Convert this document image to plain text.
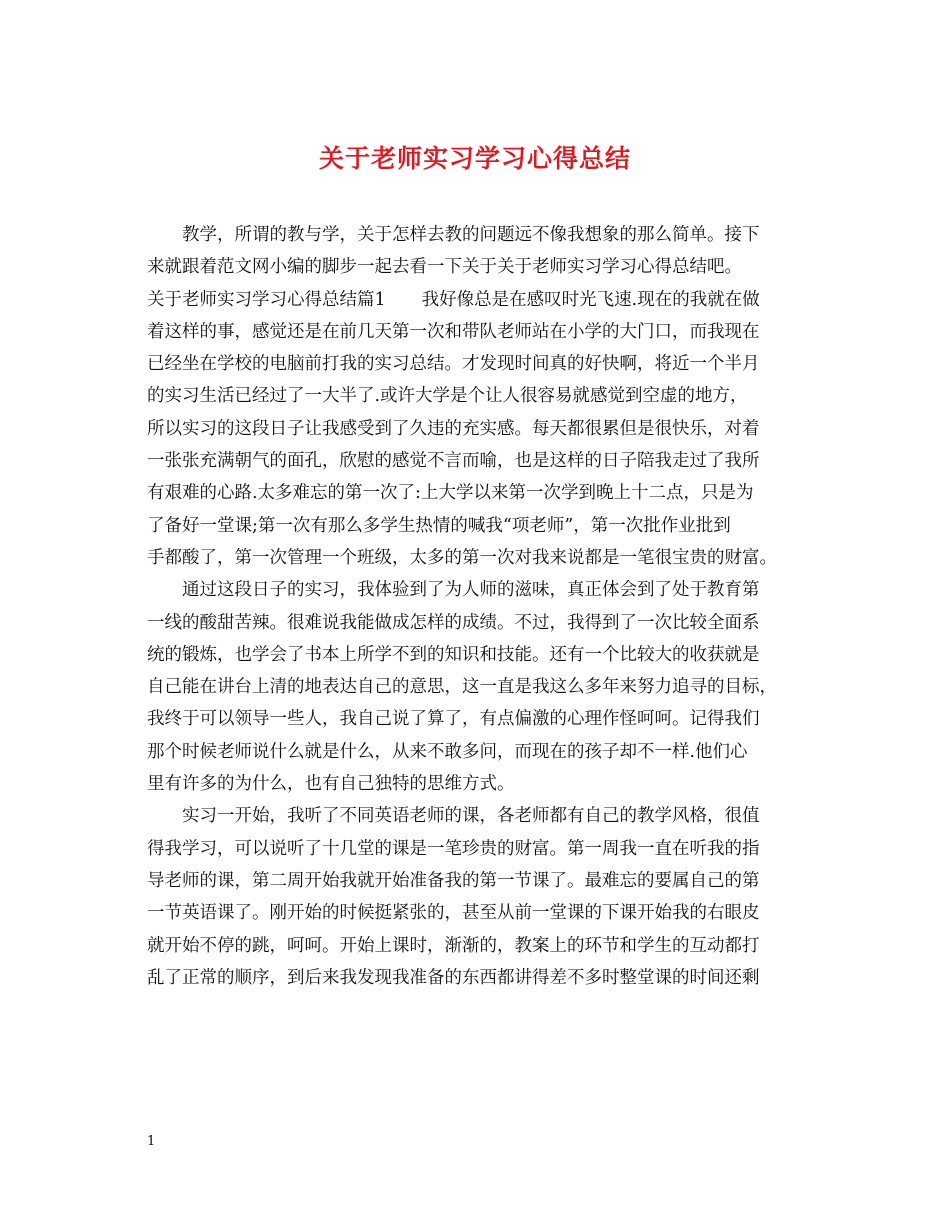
关于老师实习学习心得总结
教学，所谓的教与学，关于怎样去教的问题远不像我想象的那么简单。接下
来就跟着范文网小编的脚步一起去看一下关于关于老师实习学习心得总结吧。
关于老师实习学习心得总结篇1 我好像总是在感叹时光飞速.现在的我就在做
着这样的事，感觉还是在前几天第一次和带队老师站在小学的大门口，而我现在
已经坐在学校的电脑前打我的实习总结。才发现时间真的好快啊，将近一个半月
的实习生活已经过了一大半了.或许大学是个让人很容易就感觉到空虚的地方，
所以实习的这段日子让我感受到了久违的充实感。每天都很累但是很快乐，对着
一张张充满朝气的面孔，欣慰的感觉不言而喻，也是这样的日子陪我走过了我所
有艰难的心路.太多难忘的第一次了:上大学以来第一次学到晚上十二点，只是为
了备好一堂课;第一次有那么多学生热情的喊我“项老师”，第一次批作业批到
手都酸了，第一次管理一个班级，太多的第一次对我来说都是一笔很宝贵的财富。
通过这段日子的实习，我体验到了为人师的滋味，真正体会到了处于教育第
一线的酸甜苦辣。很难说我能做成怎样的成绩。不过，我得到了一次比较全面系
统的锻炼，也学会了书本上所学不到的知识和技能。还有一个比较大的收获就是
自己能在讲台上清的地表达自己的意思，这一直是我这么多年来努力追寻的目标，
我终于可以领导一些人，我自己说了算了，有点偏激的心理作怪呵呵。记得我们
那个时候老师说什么就是什么，从来不敢多问，而现在的孩子却不一样.他们心
里有许多的为什么，也有自己独特的思维方式。
实习一开始，我听了不同英语老师的课，各老师都有自己的教学风格，很值
得我学习，可以说听了十几堂的课是一笔珍贵的财富。第一周我一直在听我的指
导老师的课，第二周开始我就开始准备我的第一节课了。最难忘的要属自己的第
一节英语课了。刚开始的时候挺紧张的，甚至从前一堂课的下课开始我的右眼皮
就开始不停的跳，呵呵。开始上课时，渐渐的，教案上的环节和学生的互动都打
乱了正常的顺序，到后来我发现我准备的东西都讲得差不多时整堂课的时间还剩
1
